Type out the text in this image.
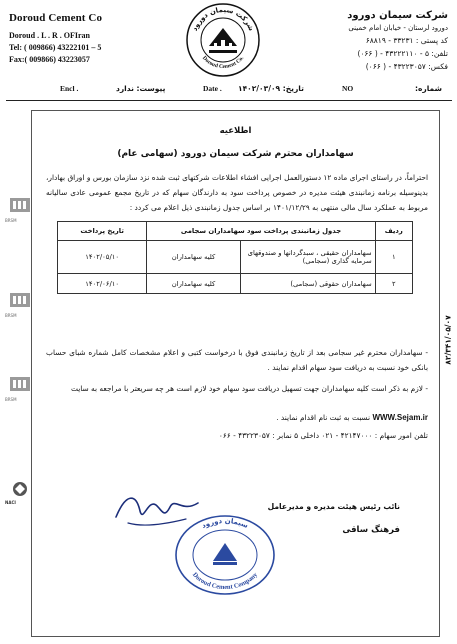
Doroud Cement Co
Doroud . L . R . OFIran
Tel: ( 009866) 43222101 – 5
Fax:( 009866) 43223057
شرکت سیمان دورود
Doroud Cement Co.
شرکت سیمان دورود
دورود لرستان - خیابان امام خمینی
کد پستی : ۳۳۲۳۱ - ۶۸۸۱۹
تلفن: ۵ - ۴۳۲۲۲۱۱۰ - ( ۰۶۶)
فکس: ۴۳۲۲۳۰۵۷ - ( ۰۶۶)
Encl .	پیوست: ندارد	Date . تاریخ: ۱۴۰۲/۰۳/۰۹	NO	شماره:
BRSM
BRSM
BRSM
NACI
۸۲/۳۴۱/۰۵/۰۷
اطلاعیه
سهامداران محترم شرکت سیمان دورود (سهامی عام)
احتراماً، در راستای اجرای ماده ۱۲ دستورالعمل اجرایی افشاء اطلاعات شرکتهای ثبت شده نزد سازمان بورس و اوراق بهادار، بدینوسیله برنامه زمانبندی هیئت مدیره در خصوص پرداخت سود به دارندگان سهام که در تاریخ مجمع عمومی عادی سالیانه مربوط به عملکرد سال مالی منتهی به ۱۴۰۱/۱۲/۲۹ بر اساس جدول زمانبندی ذیل اعلام می کردد :
ردیف	جدول زمانبندی پرداخت سود سهامداران سجامی		تاریخ پرداخت
۱	سهامداران حقیقی ، سبدگردانها و صندوقهای سرمایه گذاری (سجامی)	کلیه سهامداران	۱۴۰۲/۰۵/۱۰
۲	سهامداران حقوقی (سجامی)	کلیه سهامداران	۱۴۰۲/۰۶/۱۰
- سهامداران محترم غیر سجامی بعد از تاریخ زمانبندی فوق با درخواست کتبی و اعلام مشخصات کامل شماره شبای حساب بانکی خود نسبت به دریافت سود سهام اقدام نمایند .
- لازم به ذکر است کلیه سهامداران جهت تسهیل دریافت سود سهام خود لازم است هر چه سریعتر با مراجعه به سایت
WWW.Sejam.ir نسبت به ثبت نام اقدام نمایند .
تلفن امور سهام : ۴۲۱۴۷۰۰۰ - ۰۲۱ داخلی ۵ نمابر : ۴۳۲۲۳۰۵۷ - ۰۶۶
نائب رئیس هیئت مدیره و مدیرعامل
فرهنگ ساقی
سیمان دورود
Doroud Cement Company
